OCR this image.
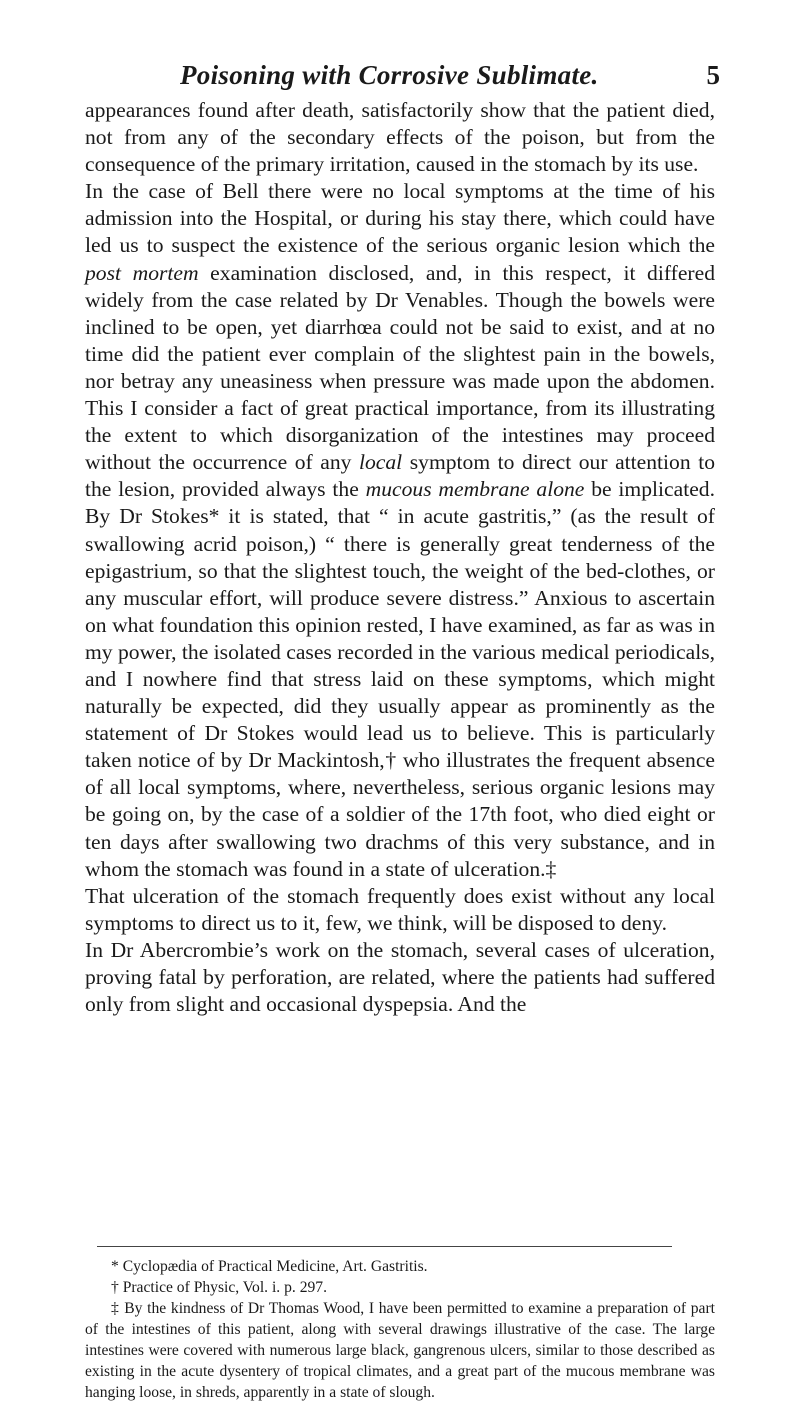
Poisoning with Corrosive Sublimate.	5

appearances found after death, satisfactorily show that the patient died, not from any of the secondary effects of the poison, but from the consequence of the primary irritation, caused in the stomach by its use.

In the case of Bell there were no local symptoms at the time of his admission into the Hospital, or during his stay there, which could have led us to suspect the existence of the serious organic lesion which the post mortem examination disclosed, and, in this respect, it differed widely from the case related by Dr Venables. Though the bowels were inclined to be open, yet diarrhœa could not be said to exist, and at no time did the patient ever complain of the slightest pain in the bowels, nor betray any uneasiness when pressure was made upon the abdomen. This I consider a fact of great practical importance, from its illustrating the extent to which disorganization of the intestines may proceed without the occurrence of any local symptom to direct our attention to the lesion, provided always the mucous membrane alone be implicated. By Dr Stokes* it is stated, that “ in acute gastritis,” (as the result of swallowing acrid poison,) “ there is generally great tenderness of the epigastrium, so that the slightest touch, the weight of the bed-clothes, or any muscular effort, will produce severe distress.” Anxious to ascertain on what foundation this opinion rested, I have examined, as far as was in my power, the isolated cases recorded in the various medical periodicals, and I nowhere find that stress laid on these symptoms, which might naturally be expected, did they usually appear as prominently as the statement of Dr Stokes would lead us to believe. This is particularly taken notice of by Dr Mackintosh,† who illustrates the frequent absence of all local symptoms, where, nevertheless, serious organic lesions may be going on, by the case of a soldier of the 17th foot, who died eight or ten days after swallowing two drachms of this very substance, and in whom the stomach was found in a state of ulceration.‡

That ulceration of the stomach frequently does exist without any local symptoms to direct us to it, few, we think, will be disposed to deny.

In Dr Abercrombie’s work on the stomach, several cases of ulceration, proving fatal by perforation, are related, where the patients had suffered only from slight and occasional dyspepsia. And the

* Cyclopædia of Practical Medicine, Art. Gastritis.

† Practice of Physic, Vol. i. p. 297.

‡ By the kindness of Dr Thomas Wood, I have been permitted to examine a preparation of part of the intestines of this patient, along with several drawings illustrative of the case. The large intestines were covered with numerous large black, gangrenous ulcers, similar to those described as existing in the acute dysentery of tropical climates, and a great part of the mucous membrane was hanging loose, in shreds, apparently in a state of slough.
